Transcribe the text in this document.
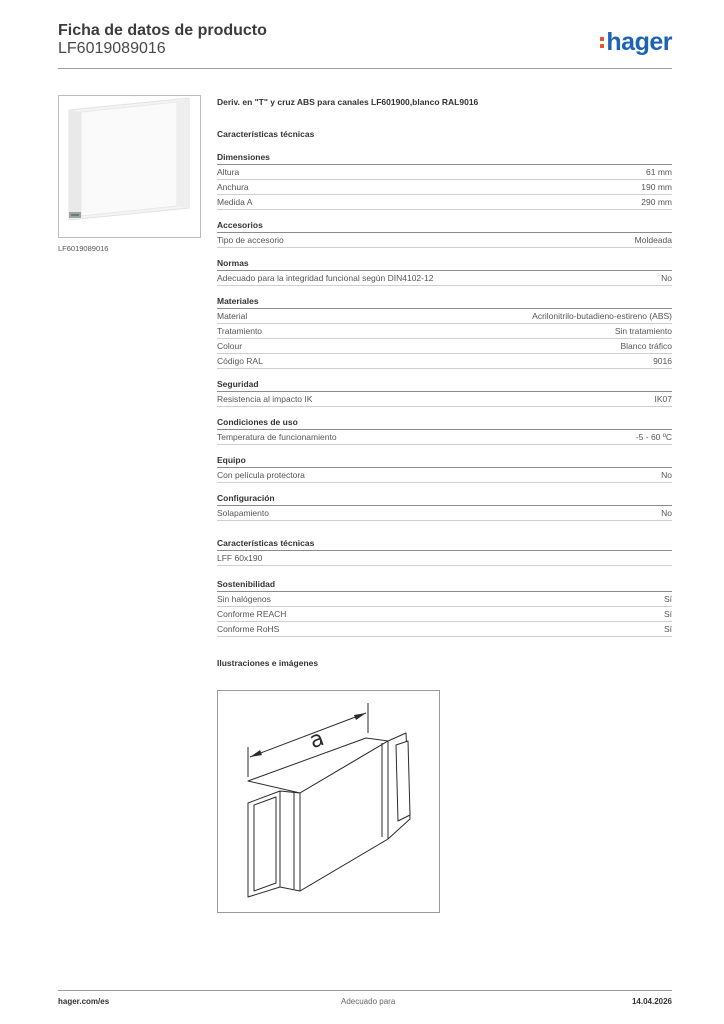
Ficha de datos de producto
LF6019089016	hager
LF6019089016
Deriv. en "T" y cruz ABS para canales LF601900,blanco RAL9016
Características técnicas
Dimensiones
Altura	61 mm
Anchura	190 mm
Medida A	290 mm
Accesorios
Tipo de accesorio	Moldeada
Normas
Adecuado para la integridad funcional según DIN4102-12	No
Materiales
Material	Acrilonitrilo-butadieno-estireno (ABS)
Tratamiento	Sin tratamiento
Colour	Blanco tráfico
Código RAL	9016
Seguridad
Resistencia al impacto IK	IK07
Condiciones de uso
Temperatura de funcionamiento	-5 - 60 ºC
Equipo
Con película protectora	No
Configuración
Solapamiento	No
Características técnicas
LFF 60x190
Sostenibilidad
Sin halógenos	Sí
Conforme REACH	Sí
Conforme RoHS	Sí
Ilustraciones e imágenes
a
hager.com/es	Adecuado para	14.04.2026
